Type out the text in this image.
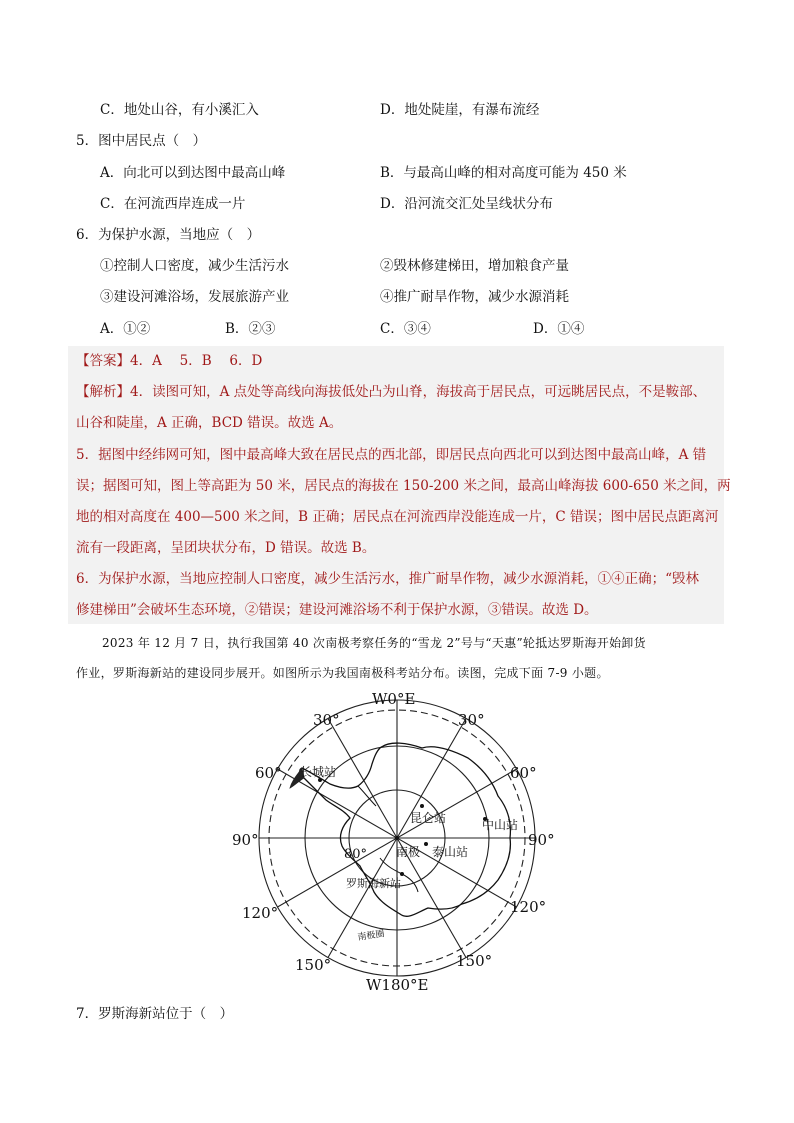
C．地处山谷，有小溪汇入	D．地处陡崖，有瀑布流经
5．图中居民点（　）
A．向北可以到达图中最高山峰	B．与最高山峰的相对高度可能为 450 米
C．在河流西岸连成一片	D．沿河流交汇处呈线状分布
6．为保护水源，当地应（　）
①控制人口密度，减少生活污水	②毁林修建梯田，增加粮食产量
③建设河滩浴场，发展旅游产业	④推广耐旱作物，减少水源消耗
A．①②	B．②③	C．③④	D．①④
【答案】4．A　 5．B　 6．D
【解析】4．读图可知，A 点处等高线向海拔低处凸为山脊，海拔高于居民点，可远眺居民点，不是鞍部、
山谷和陡崖，A 正确，BCD 错误。故选 A。
5．据图中经纬网可知，图中最高峰大致在居民点的西北部，即居民点向西北可以到达图中最高山峰，A 错
误；据图可知，图上等高距为 50 米，居民点的海拔在 150-200 米之间，最高山峰海拔 600-650 米之间，两
地的相对高度在 400—500 米之间，B 正确；居民点在河流西岸没能连成一片，C 错误；图中居民点距离河
流有一段距离，呈团块状分布，D 错误。故选 B。
6．为保护水源，当地应控制人口密度，减少生活污水，推广耐旱作物，减少水源消耗，①④正确；“毁林
修建梯田”会破坏生态环境，②错误；建设河滩浴场不利于保护水源，③错误。故选 D。
2023 年 12 月 7 日，执行我国第 40 次南极考察任务的“雪龙 2”号与“天惠”轮抵达罗斯海开始卸货
作业，罗斯海新站的建设同步展开。如图所示为我国南极科考站分布。读图，完成下面 7-9 小题。
W0°E
30°	30°
60°	60°
90°	90°
120°	120°
150°	150°
W180°E
80°
长城站
昆仑站	中山站
南极 泰山站
罗斯海新站
南极圈
7．罗斯海新站位于（　）
